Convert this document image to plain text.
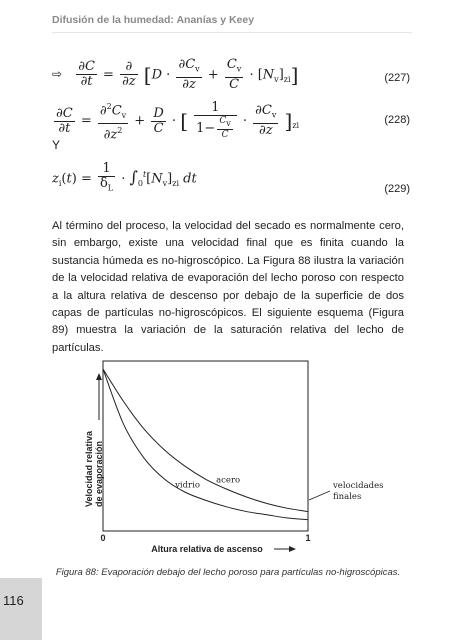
Difusión de la humedad: Ananías y Keey
⇨ $\frac{\partial C}{\partial t} = \frac{\partial}{\partial z} [D \cdot \frac{\partial C_v}{\partial z} + \frac{C_v}{C} \cdot [N_v]_{zi}]$	(227)
$\frac{\partial C}{\partial t} = \frac{\partial^2C_v}{\partial z^2} + \frac{D}{C}$ · [ $\frac{1}{1- \frac{C_v}{C}} \cdot \frac{\partial C_v}{\partial z} ]_{zi}$	(228)
Y
$z_i(t) = \frac{1}{\delta_L} \cdot \int_0^t[N_v]_{zi}$ dt
(229)
Al término del proceso, la velocidad del secado es normalmente cero, sin embargo, existe una velocidad final que es finita cuando la sustancia húmeda es no-higroscópico. La Figura 88 ilustra la variación de la velocidad relativa de evaporación del lecho poroso con respecto a la altura relativa de descenso por debajo de la superficie de dos capas de partículas no-higroscópicos. El siguiente esquema (Figura 89) muestra la variación de la saturación relativa del lecho de partículas.
Velocidad relativa de evaporación	acero
vidrio
0	1
Altura relativa de ascenso
velocidades finales
Figura 88: Evaporación debajo del lecho poroso para partículas no-higroscópicas.
116
